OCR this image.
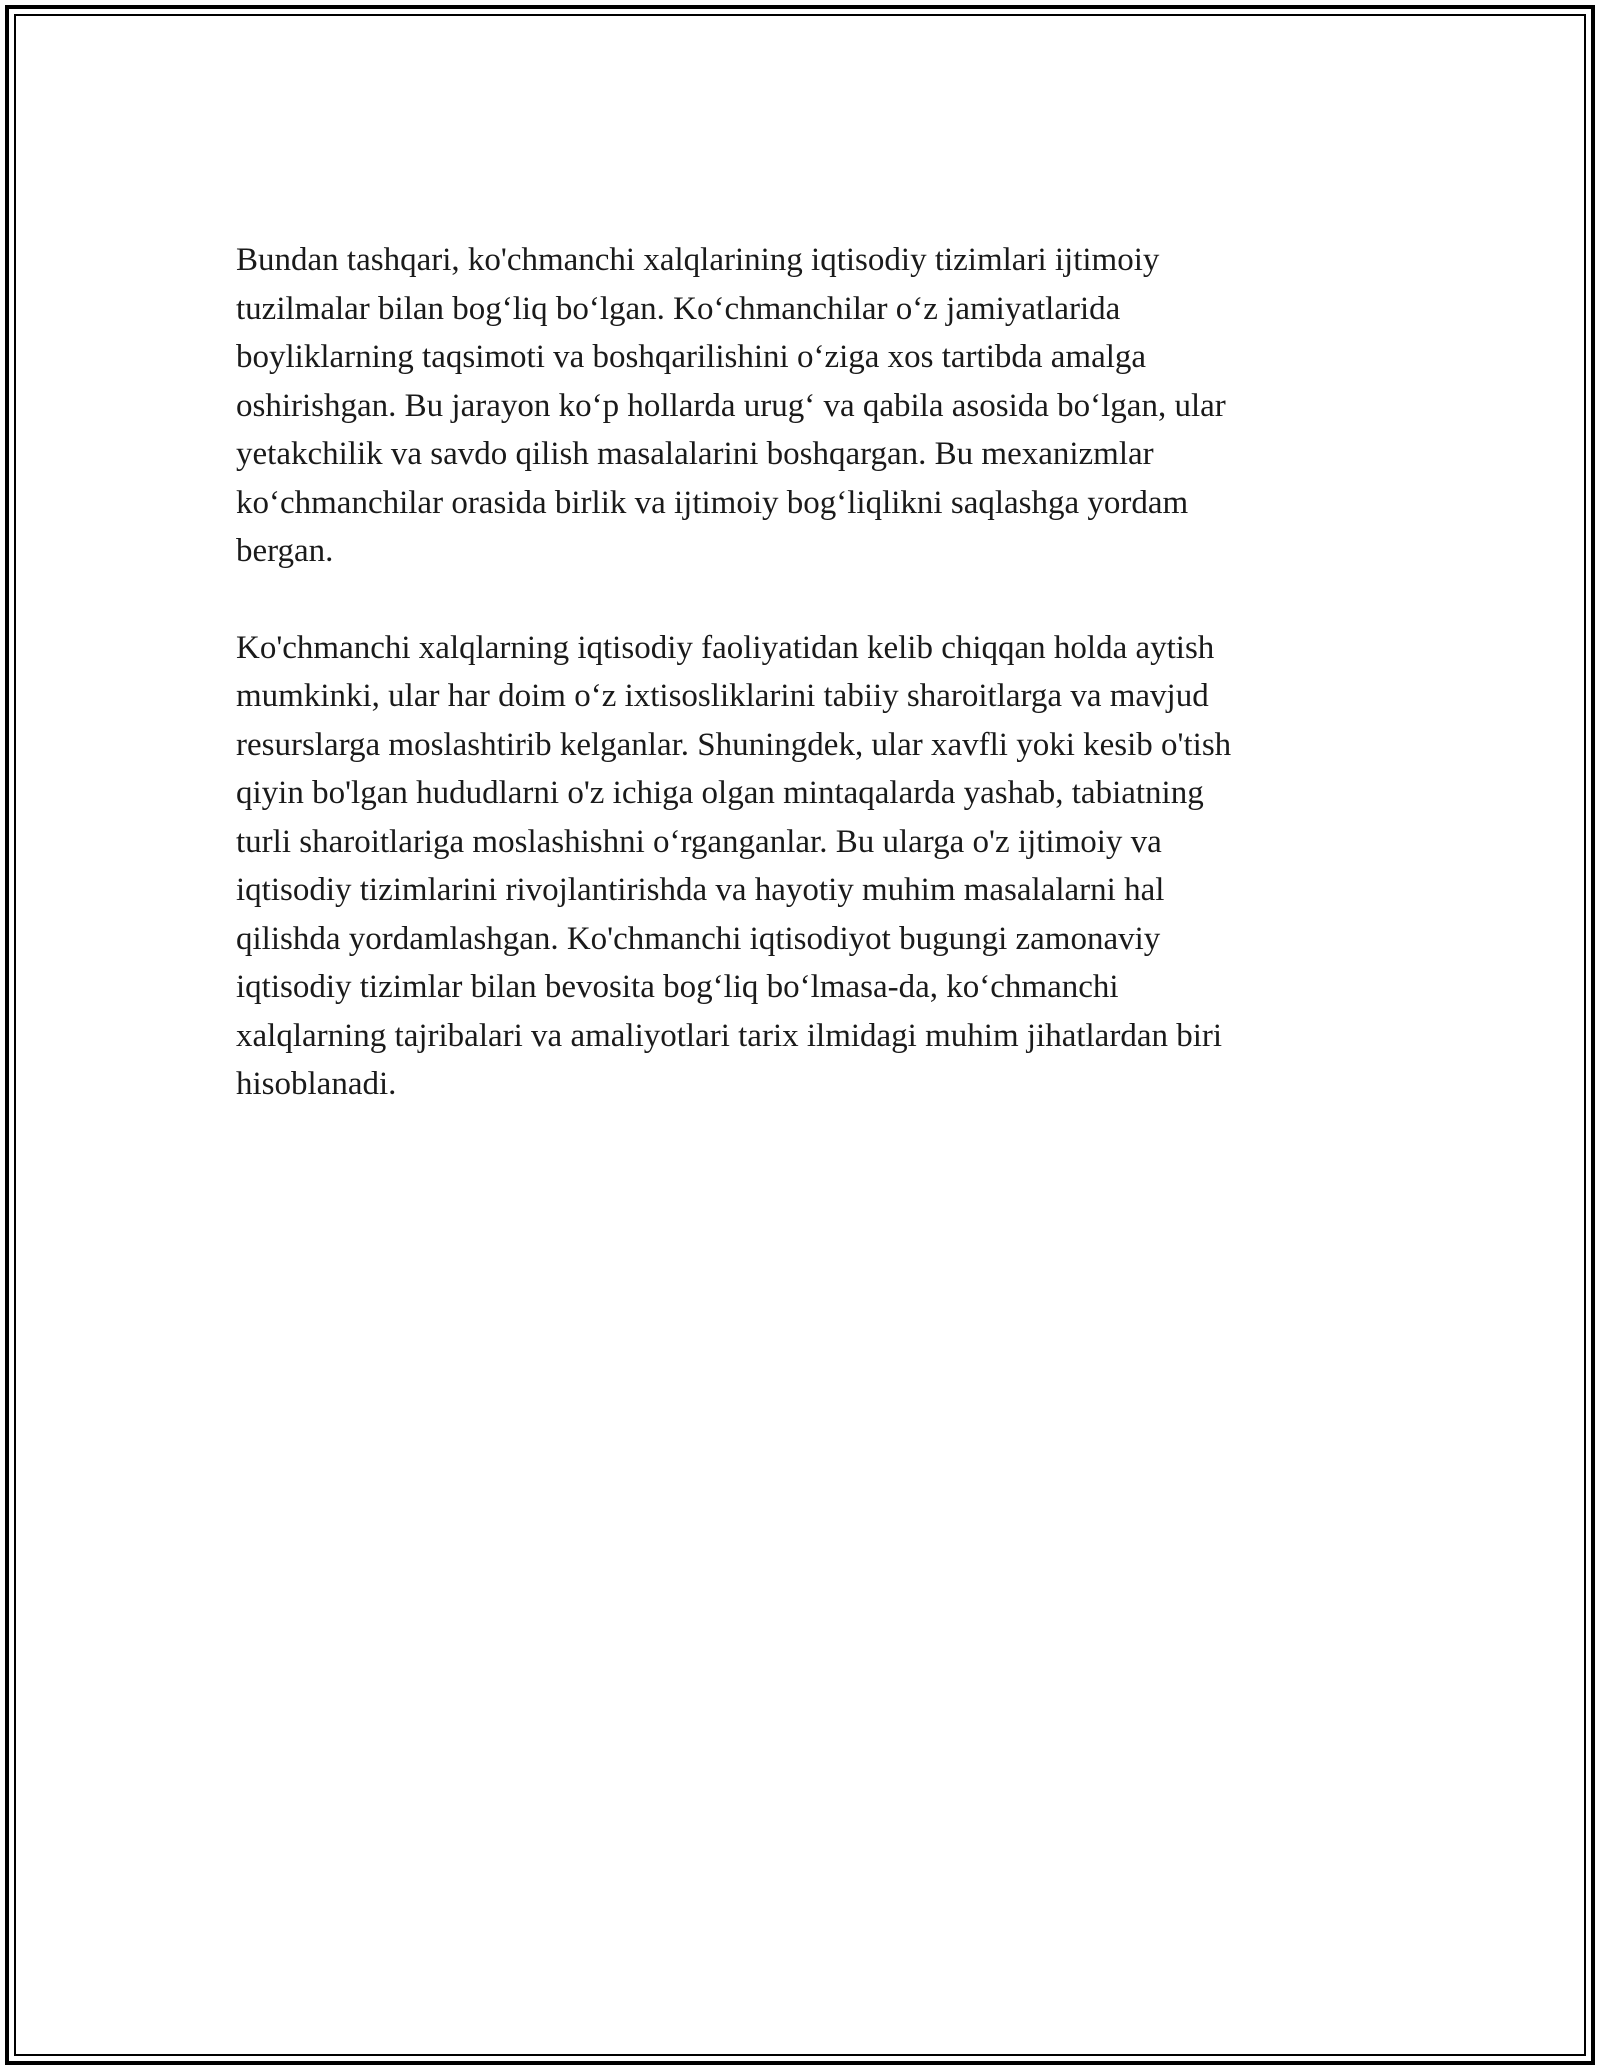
Bundan tashqari, ko'chmanchi xalqlarining iqtisodiy tizimlari ijtimoiy
tuzilmalar bilan bog‘liq bo‘lgan. Ko‘chmanchilar o‘z jamiyatlarida
boyliklarning taqsimoti va boshqarilishini o‘ziga xos tartibda amalga
oshirishgan. Bu jarayon ko‘p hollarda urug‘ va qabila asosida bo‘lgan, ular
yetakchilik va savdo qilish masalalarini boshqargan. Bu mexanizmlar
ko‘chmanchilar orasida birlik va ijtimoiy bog‘liqlikni saqlashga yordam
bergan.

Ko'chmanchi xalqlarning iqtisodiy faoliyatidan kelib chiqqan holda aytish
mumkinki, ular har doim o‘z ixtisosliklarini tabiiy sharoitlarga va mavjud
resurslarga moslashtirib kelganlar. Shuningdek, ular xavfli yoki kesib o'tish
qiyin bo'lgan hududlarni o'z ichiga olgan mintaqalarda yashab, tabiatning
turli sharoitlariga moslashishni o‘rganganlar. Bu ularga o'z ijtimoiy va
iqtisodiy tizimlarini rivojlantirishda va hayotiy muhim masalalarni hal
qilishda yordamlashgan. Ko'chmanchi iqtisodiyot bugungi zamonaviy
iqtisodiy tizimlar bilan bevosita bog‘liq bo‘lmasa-da, ko‘chmanchi
xalqlarning tajribalari va amaliyotlari tarix ilmidagi muhim jihatlardan biri
hisoblanadi.
